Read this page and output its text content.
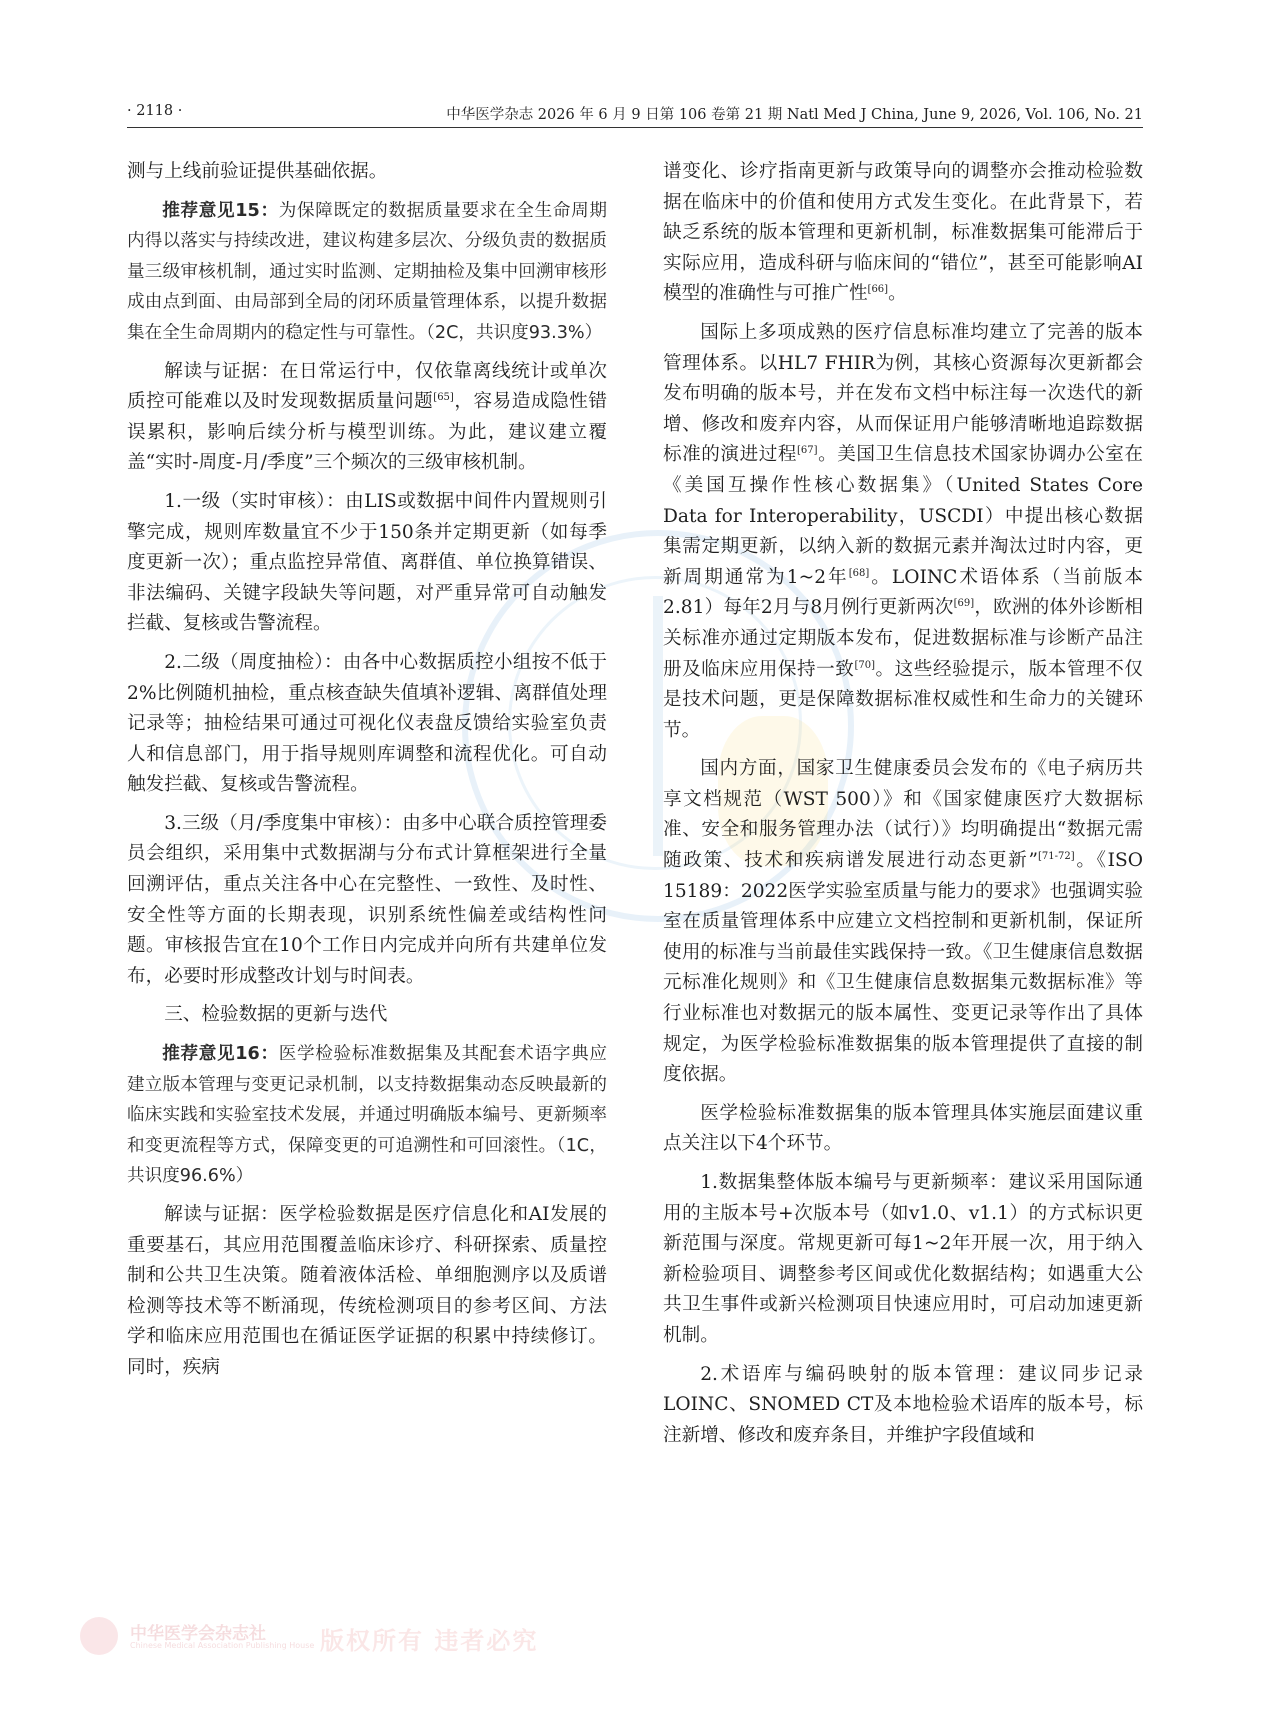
· 2118 ·	中华医学杂志 2026 年 6 月 9 日第 106 卷第 21 期 Natl Med J China, June 9, 2026, Vol. 106, No. 21

测与上线前验证提供基础依据。

推荐意见15：为保障既定的数据质量要求在全生命周期内得以落实与持续改进，建议构建多层次、分级负责的数据质量三级审核机制，通过实时监测、定期抽检及集中回溯审核形成由点到面、由局部到全局的闭环质量管理体系，以提升数据集在全生命周期内的稳定性与可靠性。（2C，共识度93.3%）

解读与证据：在日常运行中，仅依靠离线统计或单次质控可能难以及时发现数据质量问题[65]，容易造成隐性错误累积，影响后续分析与模型训练。为此，建议建立覆盖“实时-周度-月/季度”三个频次的三级审核机制。

1.一级（实时审核）：由LIS或数据中间件内置规则引擎完成，规则库数量宜不少于150条并定期更新（如每季度更新一次）；重点监控异常值、离群值、单位换算错误、非法编码、关键字段缺失等问题，对严重异常可自动触发拦截、复核或告警流程。

2.二级（周度抽检）：由各中心数据质控小组按不低于2%比例随机抽检，重点核查缺失值填补逻辑、离群值处理记录等；抽检结果可通过可视化仪表盘反馈给实验室负责人和信息部门，用于指导规则库调整和流程优化。可自动触发拦截、复核或告警流程。

3.三级（月/季度集中审核）：由多中心联合质控管理委员会组织，采用集中式数据湖与分布式计算框架进行全量回溯评估，重点关注各中心在完整性、一致性、及时性、安全性等方面的长期表现，识别系统性偏差或结构性问题。审核报告宜在10个工作日内完成并向所有共建单位发布，必要时形成整改计划与时间表。

三、检验数据的更新与迭代

推荐意见16：医学检验标准数据集及其配套术语字典应建立版本管理与变更记录机制，以支持数据集动态反映最新的临床实践和实验室技术发展，并通过明确版本编号、更新频率和变更流程等方式，保障变更的可追溯性和可回滚性。（1C，共识度96.6%）

解读与证据：医学检验数据是医疗信息化和AI发展的重要基石，其应用范围覆盖临床诊疗、科研探索、质量控制和公共卫生决策。随着液体活检、单细胞测序以及质谱检测等技术等不断涌现，传统检测项目的参考区间、方法学和临床应用范围也在循证医学证据的积累中持续修订。同时，疾病

谱变化、诊疗指南更新与政策导向的调整亦会推动检验数据在临床中的价值和使用方式发生变化。在此背景下，若缺乏系统的版本管理和更新机制，标准数据集可能滞后于实际应用，造成科研与临床间的“错位”，甚至可能影响AI模型的准确性与可推广性[66]。

国际上多项成熟的医疗信息标准均建立了完善的版本管理体系。以HL7 FHIR为例，其核心资源每次更新都会发布明确的版本号，并在发布文档中标注每一次迭代的新增、修改和废弃内容，从而保证用户能够清晰地追踪数据标准的演进过程[67]。美国卫生信息技术国家协调办公室在《美国互操作性核心数据集》（United States Core Data for Interoperability，USCDI）中提出核心数据集需定期更新，以纳入新的数据元素并淘汰过时内容，更新周期通常为1~2年[68]。LOINC术语体系（当前版本2.81）每年2月与8月例行更新两次[69]，欧洲的体外诊断相关标准亦通过定期版本发布，促进数据标准与诊断产品注册及临床应用保持一致[70]。这些经验提示，版本管理不仅是技术问题，更是保障数据标准权威性和生命力的关键环节。

国内方面，国家卫生健康委员会发布的《电子病历共享文档规范（WST 500）》和《国家健康医疗大数据标准、安全和服务管理办法（试行）》均明确提出“数据元需随政策、技术和疾病谱发展进行动态更新”[71-72]。《ISO 15189：2022医学实验室质量与能力的要求》也强调实验室在质量管理体系中应建立文档控制和更新机制，保证所使用的标准与当前最佳实践保持一致。《卫生健康信息数据元标准化规则》和《卫生健康信息数据集元数据标准》等行业标准也对数据元的版本属性、变更记录等作出了具体规定，为医学检验标准数据集的版本管理提供了直接的制度依据。

医学检验标准数据集的版本管理具体实施层面建议重点关注以下4个环节。

1.数据集整体版本编号与更新频率：建议采用国际通用的主版本号+次版本号（如v1.0、v1.1）的方式标识更新范围与深度。常规更新可每1~2年开展一次，用于纳入新检验项目、调整参考区间或优化数据结构；如遇重大公共卫生事件或新兴检测项目快速应用时，可启动加速更新机制。

2.术语库与编码映射的版本管理：建议同步记录LOINC、SNOMED CT及本地检验术语库的版本号，标注新增、修改和废弃条目，并维护字段值域和

中华医学会杂志社
Chinese Medical Association Publishing House 版权所有 违者必究
